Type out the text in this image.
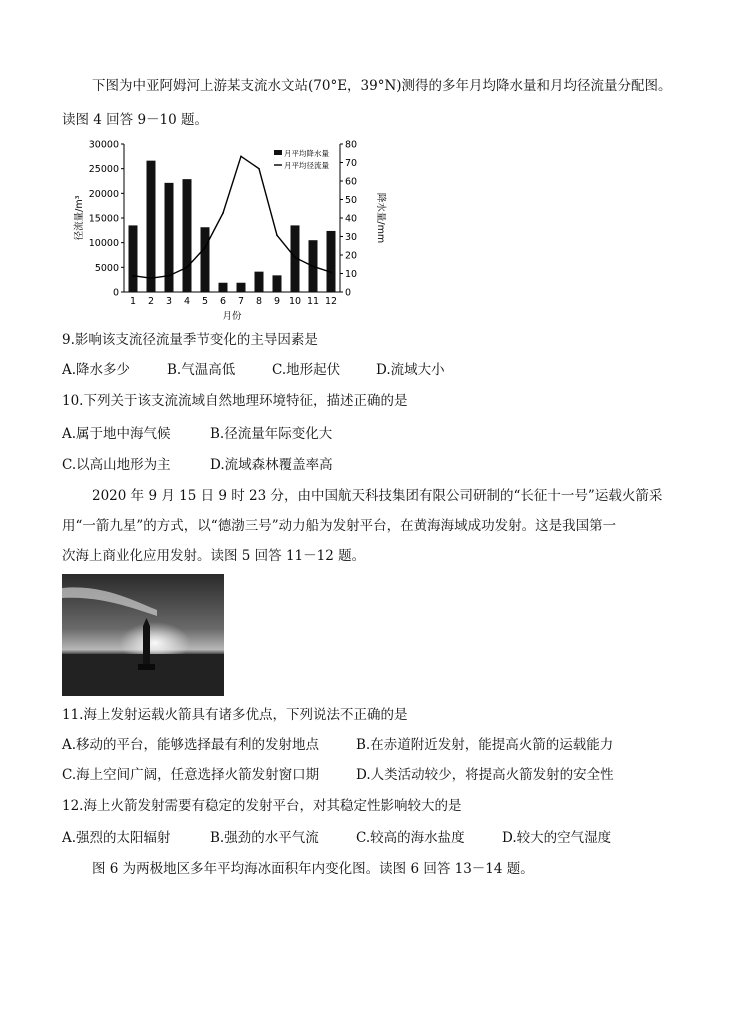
下图为中亚阿姆河上游某支流水文站(70°E，39°N)测得的多年月均降水量和月均径流量分配图。
读图 4 回答 9－10 题。
0
5000
10000
15000
20000
25000
30000
0
10
20
30
40
50
60
70
80
1 2 3 4 5 6 7 8 9 10 11 12
月份
径流量/m³	降水量/mm
月平均降水量
月平均径流量
9.影响该支流径流量季节变化的主导因素是
A.降水多少	B.气温高低	C.地形起伏	D.流域大小
10.下列关于该支流流域自然地理环境特征，描述正确的是
A.属于地中海气候	B.径流量年际变化大
C.以高山地形为主	D.流域森林覆盖率高
2020 年 9 月 15 日 9 时 23 分，由中国航天科技集团有限公司研制的“长征十一号”运载火箭采
用“一箭九星”的方式，以“德渤三号”动力船为发射平台，在黄海海域成功发射。这是我国第一
次海上商业化应用发射。读图 5 回答 11－12 题。
11.海上发射运载火箭具有诸多优点，下列说法不正确的是
A.移动的平台，能够选择最有利的发射地点	B.在赤道附近发射，能提高火箭的运载能力
C.海上空间广阔，任意选择火箭发射窗口期	D.人类活动较少，将提高火箭发射的安全性
12.海上火箭发射需要有稳定的发射平台，对其稳定性影响较大的是
A.强烈的太阳辐射	B.强劲的水平气流	C.较高的海水盐度	D.较大的空气湿度
图 6 为两极地区多年平均海冰面积年内变化图。读图 6 回答 13－14 题。
